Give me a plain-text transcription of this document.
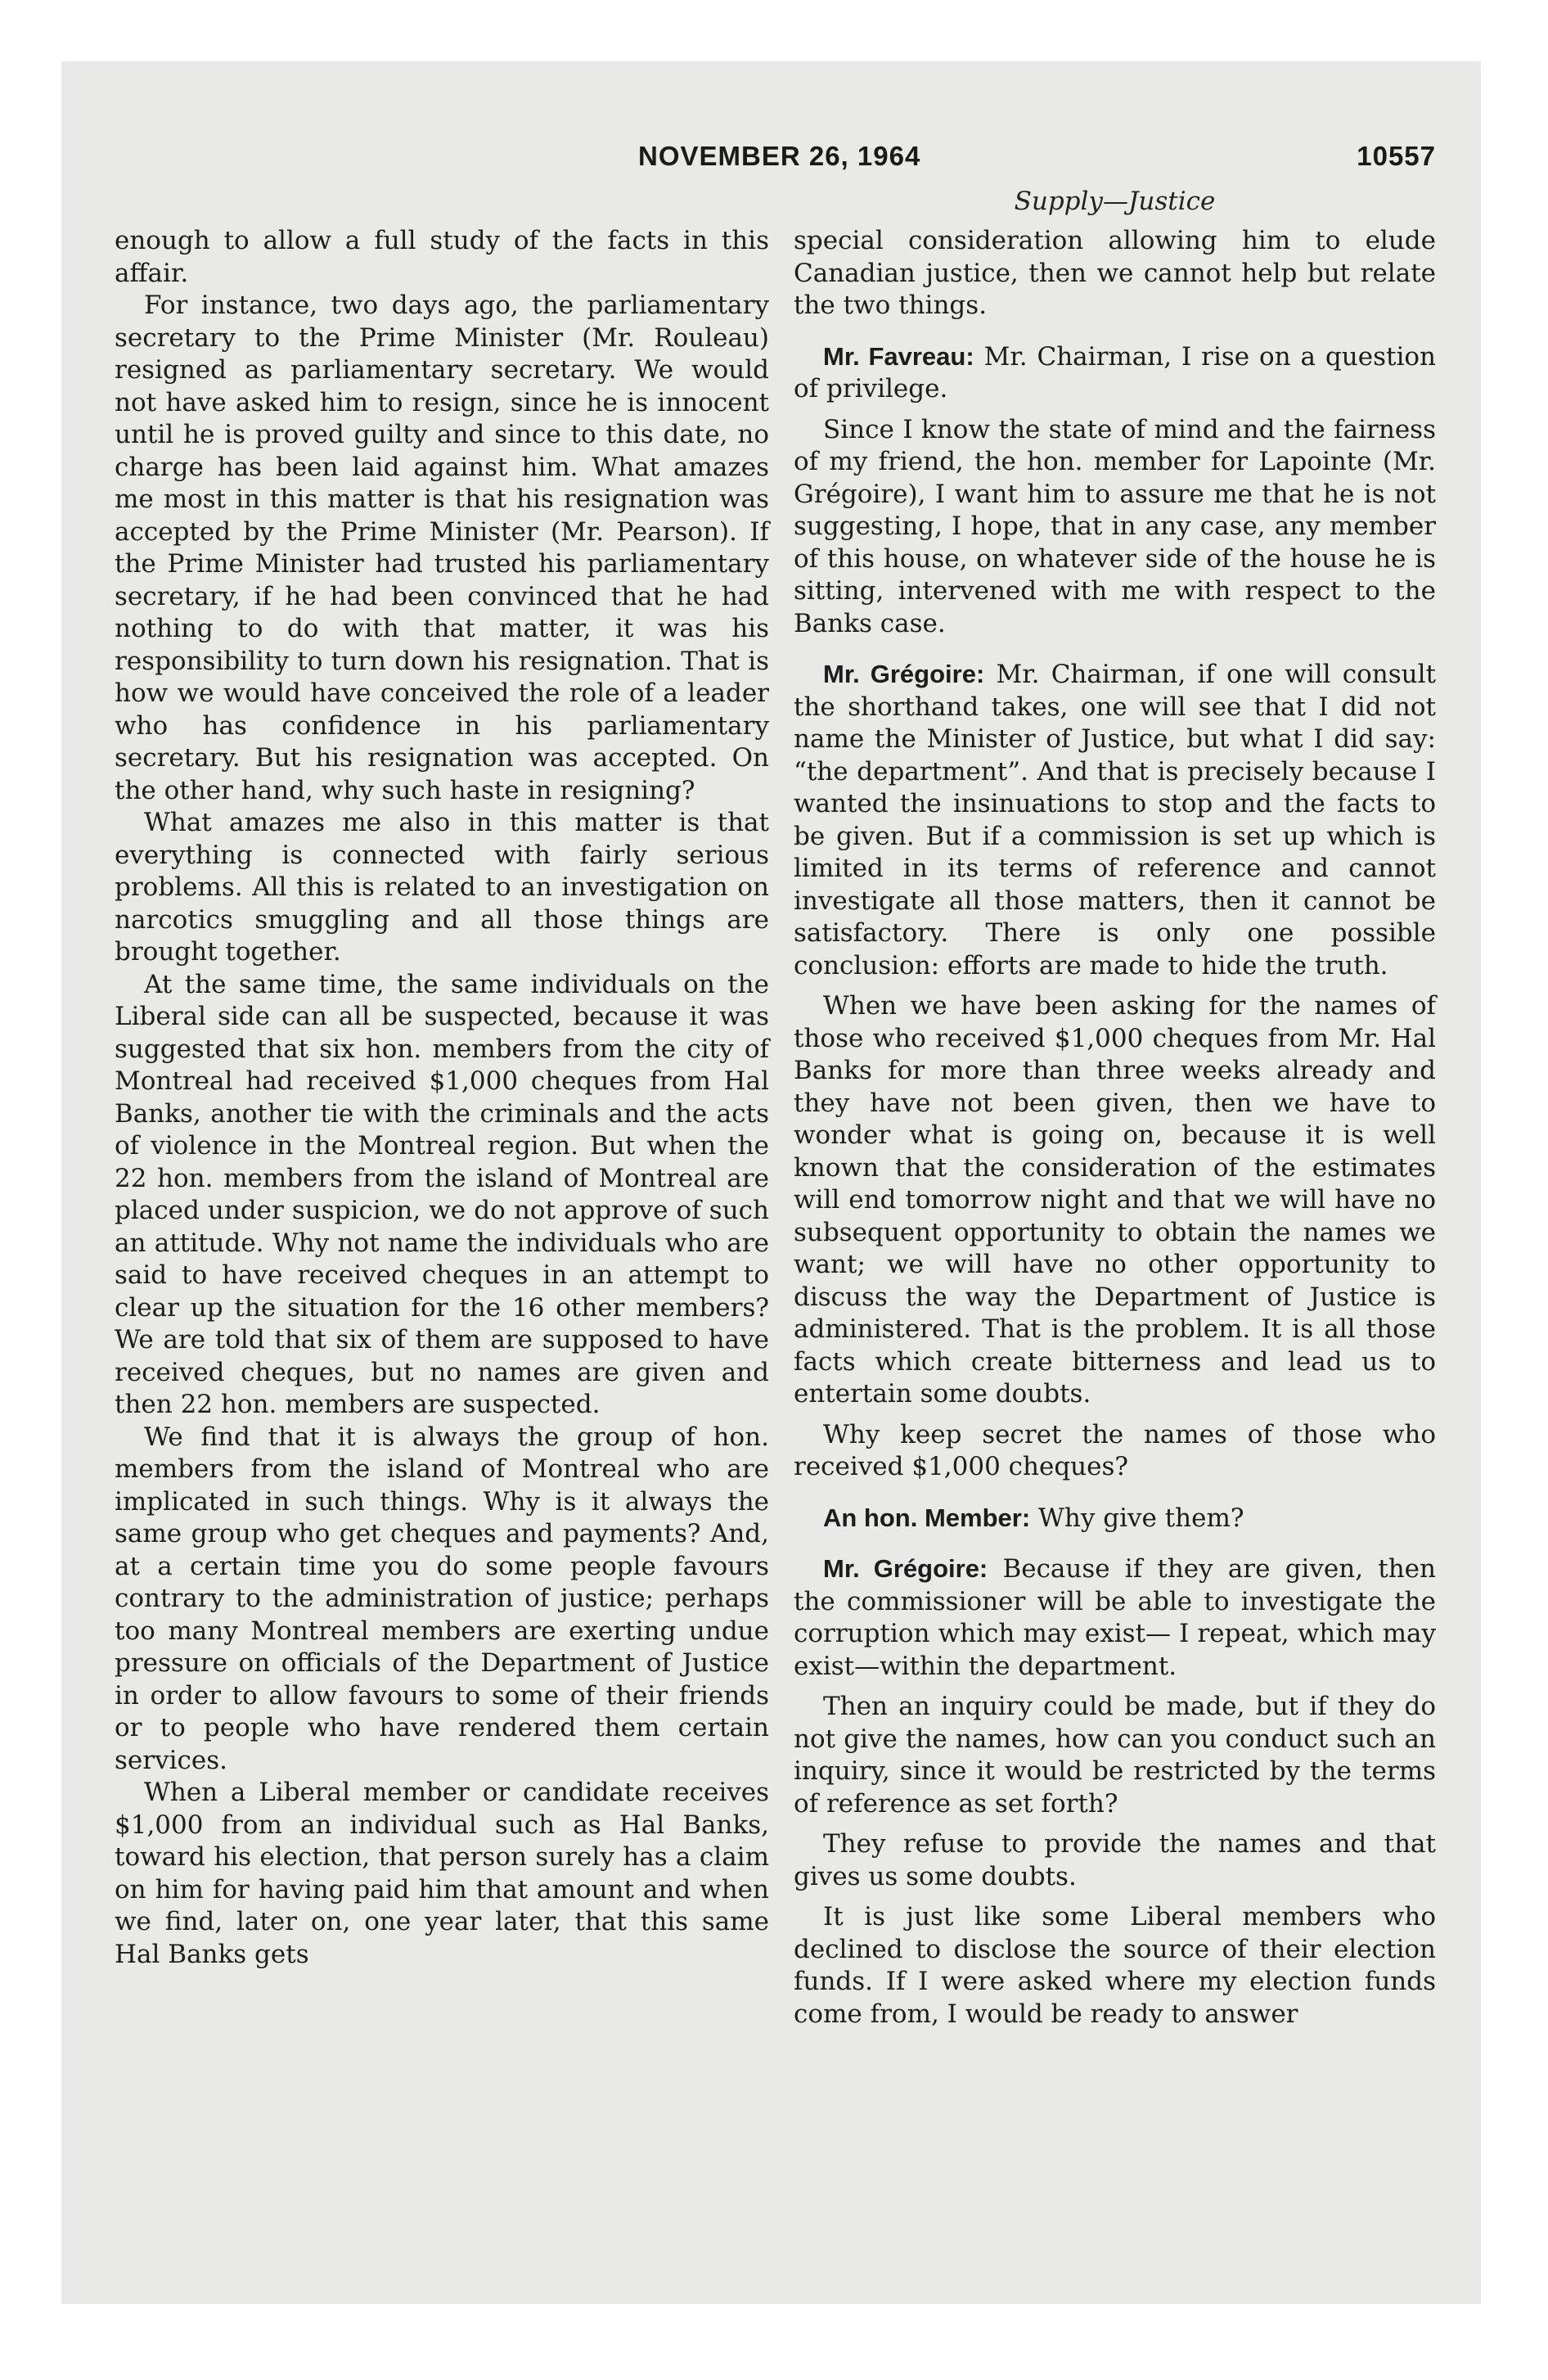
NOVEMBER 26, 1964	10557
Supply—Justice

enough to allow a full study of the facts in this affair.

For instance, two days ago, the parliamentary secretary to the Prime Minister (Mr. Rouleau) resigned as parliamentary secretary. We would not have asked him to resign, since he is innocent until he is proved guilty and since to this date, no charge has been laid against him. What amazes me most in this matter is that his resignation was accepted by the Prime Minister (Mr. Pearson). If the Prime Minister had trusted his parliamentary secretary, if he had been convinced that he had nothing to do with that matter, it was his responsibility to turn down his resignation. That is how we would have conceived the role of a leader who has confidence in his parliamentary secretary. But his resignation was accepted. On the other hand, why such haste in resigning?

What amazes me also in this matter is that everything is connected with fairly serious problems. All this is related to an investigation on narcotics smuggling and all those things are brought together.

At the same time, the same individuals on the Liberal side can all be suspected, because it was suggested that six hon. members from the city of Montreal had received $1,000 cheques from Hal Banks, another tie with the criminals and the acts of violence in the Montreal region. But when the 22 hon. members from the island of Montreal are placed under suspicion, we do not approve of such an attitude. Why not name the individuals who are said to have received cheques in an attempt to clear up the situation for the 16 other members? We are told that six of them are supposed to have received cheques, but no names are given and then 22 hon. members are suspected.

We find that it is always the group of hon. members from the island of Montreal who are implicated in such things. Why is it always the same group who get cheques and payments? And, at a certain time you do some people favours contrary to the administration of justice; perhaps too many Montreal members are exerting undue pressure on officials of the Department of Justice in order to allow favours to some of their friends or to people who have rendered them certain services.

When a Liberal member or candidate receives $1,000 from an individual such as Hal Banks, toward his election, that person surely has a claim on him for having paid him that amount and when we find, later on, one year later, that this same Hal Banks gets

special consideration allowing him to elude Canadian justice, then we cannot help but relate the two things.

Mr. Favreau: Mr. Chairman, I rise on a question of privilege.

Since I know the state of mind and the fairness of my friend, the hon. member for Lapointe (Mr. Grégoire), I want him to assure me that he is not suggesting, I hope, that in any case, any member of this house, on whatever side of the house he is sitting, intervened with me with respect to the Banks case.

Mr. Grégoire: Mr. Chairman, if one will consult the shorthand takes, one will see that I did not name the Minister of Justice, but what I did say: “the department”. And that is precisely because I wanted the insinuations to stop and the facts to be given. But if a commission is set up which is limited in its terms of reference and cannot investigate all those matters, then it cannot be satisfactory. There is only one possible conclusion: efforts are made to hide the truth.

When we have been asking for the names of those who received $1,000 cheques from Mr. Hal Banks for more than three weeks already and they have not been given, then we have to wonder what is going on, because it is well known that the consideration of the estimates will end tomorrow night and that we will have no subsequent opportunity to obtain the names we want; we will have no other opportunity to discuss the way the Department of Justice is administered. That is the problem. It is all those facts which create bitterness and lead us to entertain some doubts.

Why keep secret the names of those who received $1,000 cheques?

An hon. Member: Why give them?

Mr. Grégoire: Because if they are given, then the commissioner will be able to investigate the corruption which may exist— I repeat, which may exist—within the department.

Then an inquiry could be made, but if they do not give the names, how can you conduct such an inquiry, since it would be restricted by the terms of reference as set forth?

They refuse to provide the names and that gives us some doubts.

It is just like some Liberal members who declined to disclose the source of their election funds. If I were asked where my election funds come from, I would be ready to answer
